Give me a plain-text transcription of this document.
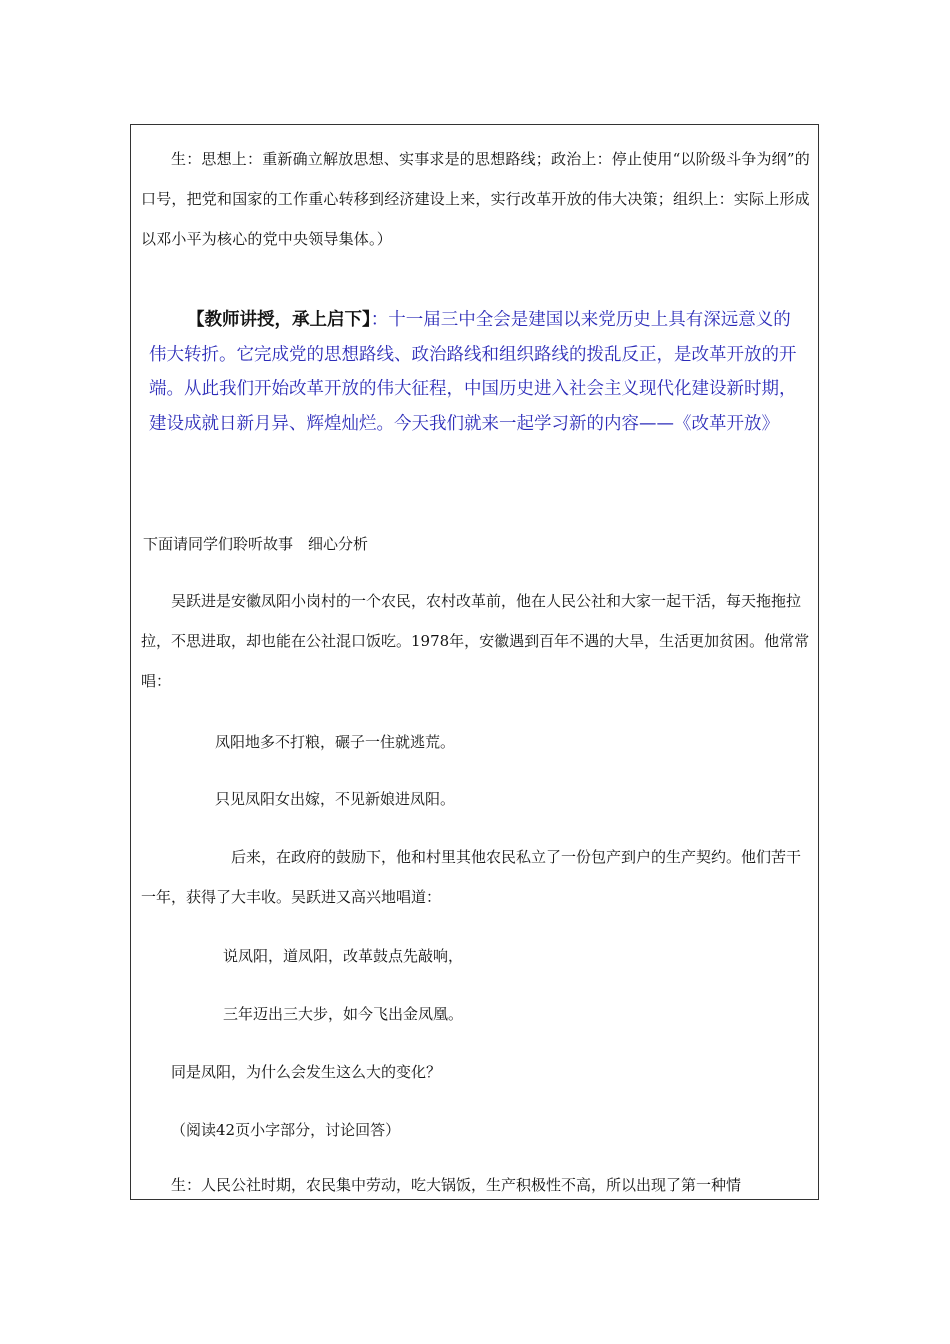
生：思想上：重新确立解放思想、实事求是的思想路线；政治上：停止使用“以阶级斗争为纲”的口号，把党和国家的工作重心转移到经济建设上来，实行改革开放的伟大决策；组织上：实际上形成以邓小平为核心的党中央领导集体。）

【教师讲授，承上启下】：十一届三中全会是建国以来党历史上具有深远意义的伟大转折。它完成党的思想路线、政治路线和组织路线的拨乱反正，是改革开放的开端。从此我们开始改革开放的伟大征程，中国历史进入社会主义现代化建设新时期，建设成就日新月异、辉煌灿烂。今天我们就来一起学习新的内容——《改革开放》

下面请同学们聆听故事　细心分析

吴跃进是安徽凤阳小岗村的一个农民，农村改革前，他在人民公社和大家一起干活，每天拖拖拉拉，不思进取，却也能在公社混口饭吃。1978年，安徽遇到百年不遇的大旱，生活更加贫困。他常常唱：

凤阳地多不打粮，碾子一住就逃荒。

只见凤阳女出嫁，不见新娘进凤阳。

后来，在政府的鼓励下，他和村里其他农民私立了一份包产到户的生产契约。他们苦干一年，获得了大丰收。吴跃进又高兴地唱道：

说凤阳，道凤阳，改革鼓点先敲响，

三年迈出三大步，如今飞出金凤凰。

同是凤阳，为什么会发生这么大的变化？

（阅读42页小字部分，讨论回答）

生：人民公社时期，农民集中劳动，吃大锅饭，生产积极性不高，所以出现了第一种情
